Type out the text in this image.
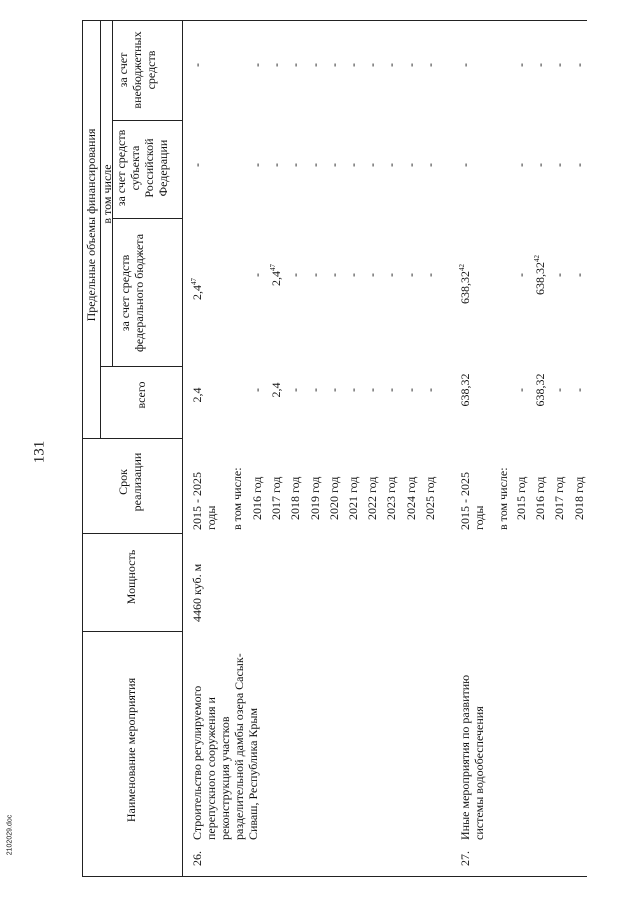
131
2102029.doc
Наименование мероприятия
Мощность
Срок реализации
Предельные объемы финансирования
всего
в том числе
за счет средств федерального бюджета
за счет средств субъекта Российской Федерации
за счет внебюджетных средств
26.
Строительство регулируемого перепускного сооружения и реконструкция участков разделительной дамбы озера Сасык-Сиваш, Республика Крым
4460 куб. м
2015 - 2025 годы
2,4
$2,4^{47}$
-
-
в том числе: 2016 год
-
-
-
-
2017 год
2,4
$2,4^{47}$
-
-
2018 год
-
-
-
-
2019 год
-
-
-
-
2020 год
-
-
-
-
2021 год
-
-
-
-
2022 год
-
-
-
-
2023 год
-
-
-
-
2024 год
-
-
-
-
2025 год
-
-
-
-
27.
Иные мероприятия по развитию системы водообеспечения
2015 - 2025 годы
638,32
638,32$^{42}$
-
-
в том числе: 2015 год
-
-
-
-
2016 год
638,32
638,32$^{42}$
-
-
2017 год
-
-
-
-
2018 год
-
-
-
-
